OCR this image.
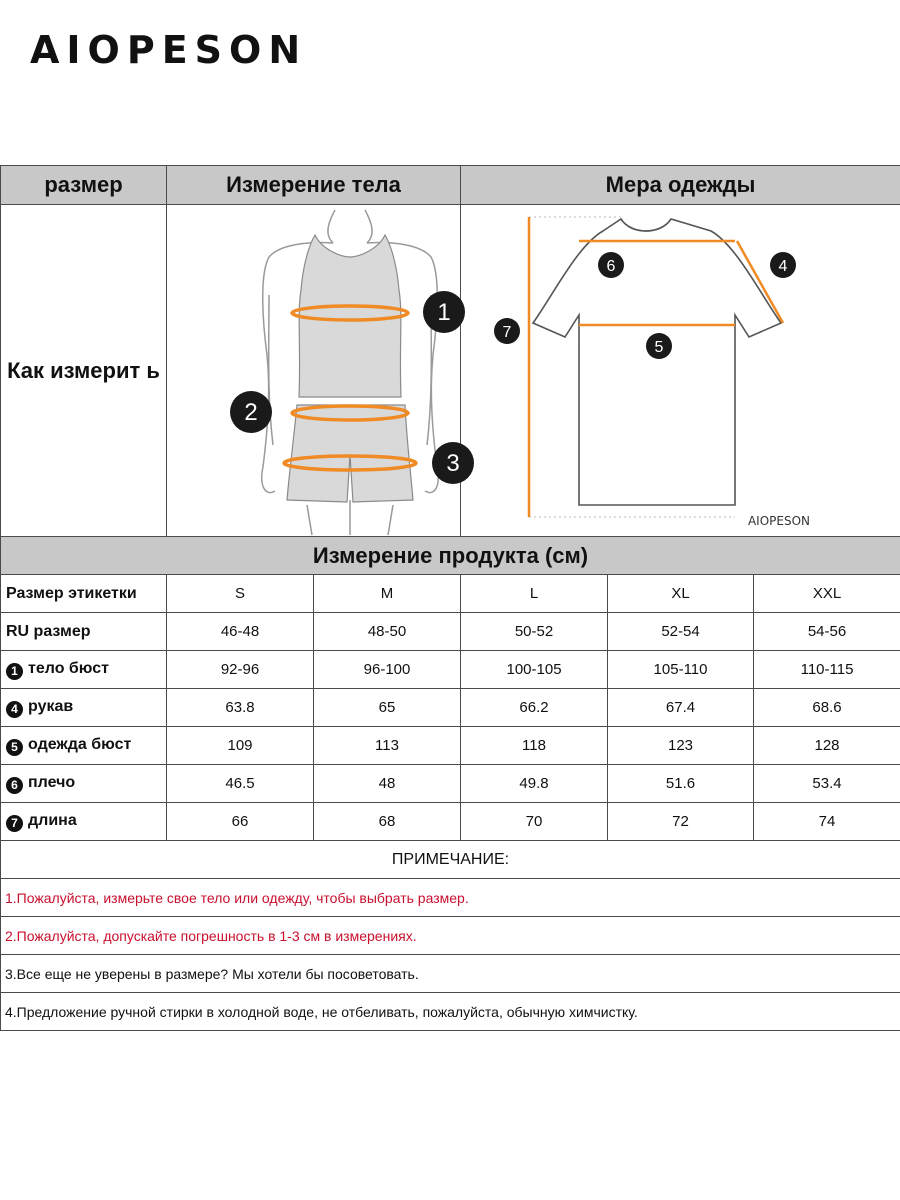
AIOPESON
размер	Измерение тела		Мера одежды		
Как измерит ь	1
2
3		6 4
7
5
AIOPESON		

Измерение продукта (см)					
Размер этикетки	S	M	L	XL	XXL
RU размер	46-48	48-50	50-52	52-54	54-56
1 тело бюст	92-96	96-100	100-105	105-110	110-115
4 рукав	63.8	65	66.2	67.4	68.6
5 одежда бюст	109	113	118	123	128
6 плечо	46.5	48	49.8	51.6	53.4
7 длина	66	68	70	72	74
ПРИМЕЧАНИЕ:					
1.Пожалуйста, измерьте свое тело или одежду, чтобы выбрать размер.					
2.Пожалуйста, допускайте погрешность в 1-3 см в измерениях.					
3.Все еще не уверены в размере? Мы хотели бы посоветовать.					
4.Предложение ручной стирки в холодной воде, не отбеливать, пожалуйста, обычную химчистку.					
